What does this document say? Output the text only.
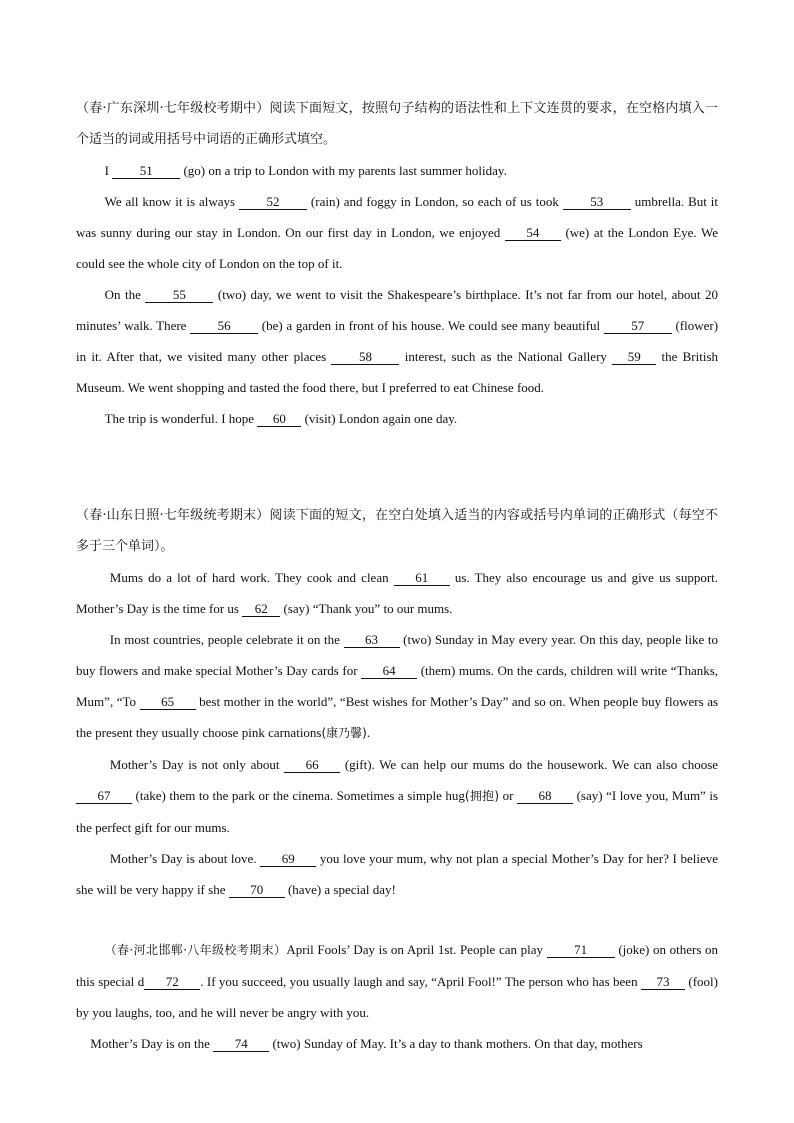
（春·广东深圳·七年级校考期中）阅读下面短文，按照句子结构的语法性和上下文连贯的要求，在空格内填入一个适当的词或用括号中词语的正确形式填空。

I 51 (go) on a trip to London with my parents last summer holiday.

We all know it is always 52 (rain) and foggy in London, so each of us took 53 umbrella. But it was sunny during our stay in London. On our first day in London, we enjoyed 54 (we) at the London Eye. We could see the whole city of London on the top of it.

On the 55 (two) day, we went to visit the Shakespeare’s birthplace. It’s not far from our hotel, about 20 minutes’ walk. There 56 (be) a garden in front of his house. We could see many beautiful 57 (flower) in it. After that, we visited many other places	58	interest, such as the National Gallery 59 the British Museum. We went shopping and tasted the food there, but I preferred to eat Chinese food.

The trip is wonderful. I hope 60 (visit) London again one day.

（春·山东日照·七年级统考期末）阅读下面的短文，在空白处填入适当的内容或括号内单词的正确形式（每空不多于三个单词）。

Mums do a lot of hard work. They cook and clean 61 us. They also encourage us and give us support. Mother’s Day is the time for us 62 (say) “Thank you” to our mums.

In most countries, people celebrate it on the 63 (two) Sunday in May every year. On this day, people like to buy flowers and make special Mother’s Day cards for 64 (them) mums. On the cards, children will write “Thanks, Mum”, “To 65 best mother in the world”, “Best wishes for Mother’s Day” and so on. When people buy flowers as the present they usually choose pink carnations(康乃馨).

Mother’s Day is not only about 66 (gift). We can help our mums do the housework. We can also choose 67 (take) them to the park or the cinema. Sometimes a simple hug(拥抱) or 68 (say) “I love you, Mum” is the perfect gift for our mums.

Mother’s Day is about love. 69 you love your mum, why not plan a special Mother’s Day for her? I believe she will be very happy if she 70 (have) a special day!

（春·河北邯郸·八年级校考期末）April Fools’ Day is on April 1st. People can play 71 (joke) on others on this special d 72 . If you succeed, you usually laugh and say, “April Fool!” The person who has been 73 (fool) by you laughs, too, and he will never be angry with you.

Mother’s Day is on the 74 (two) Sunday of May. It’s a day to thank mothers. On that day, mothers
